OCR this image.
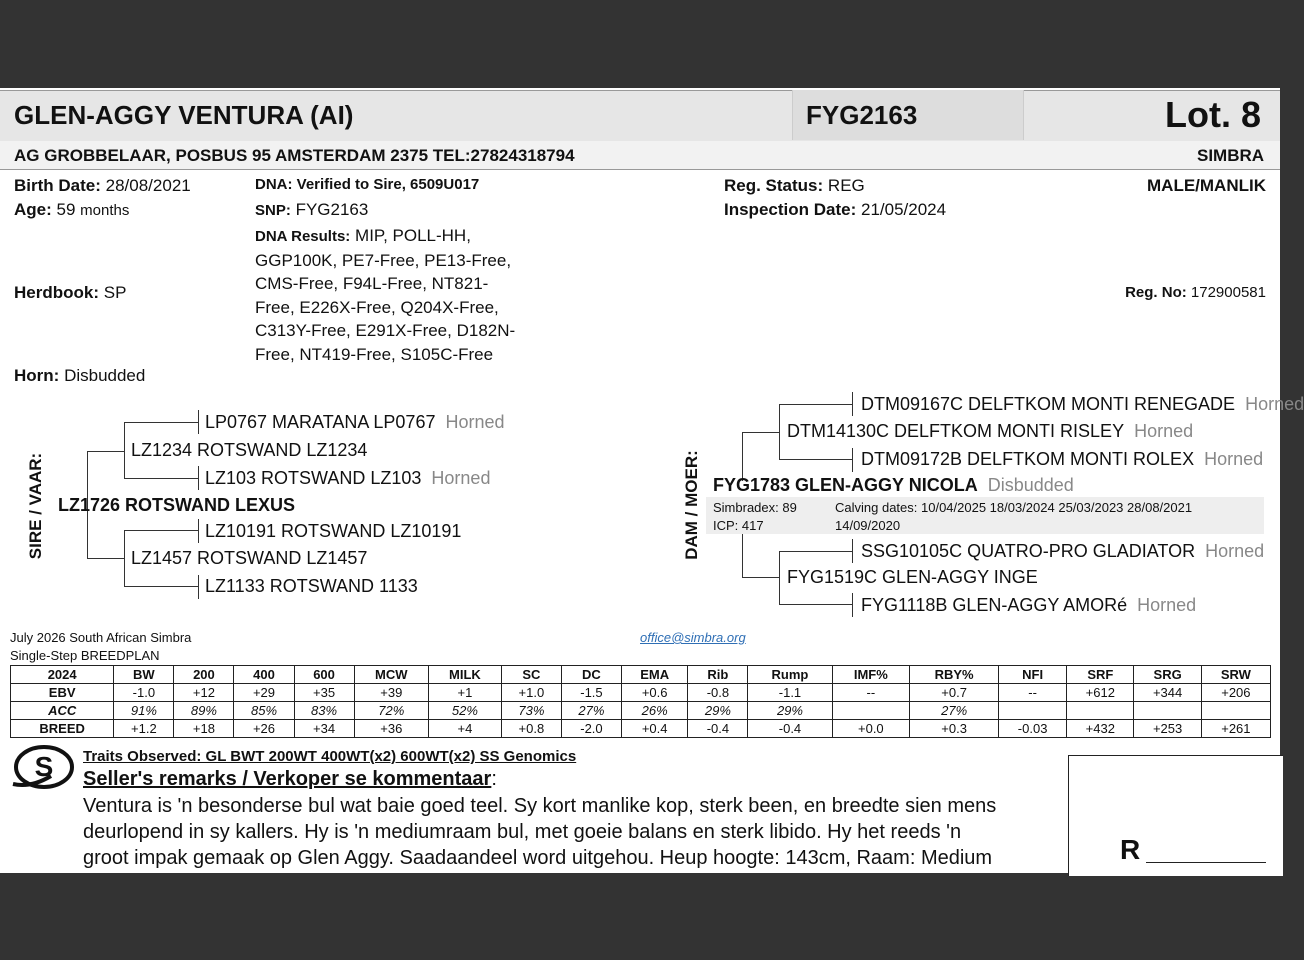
GLEN-AGGY VENTURA (AI)	FYG2163	Lot. 8
AG GROBBELAAR, POSBUS 95 AMSTERDAM 2375 TEL:27824318794	SIMBRA
Birth Date: 28/08/2021
Age: 59 months
Herdbook: SP
Horn: Disbudded
DNA: Verified to Sire, 6509U017
SNP: FYG2163
DNA Results: MIP, POLL-HH,
GGP100K, PE7-Free, PE13-Free,
CMS-Free, F94L-Free, NT821-
Free, E226X-Free, Q204X-Free,
C313Y-Free, E291X-Free, D182N-
Free, NT419-Free, S105C-Free
Reg. Status: REG
Inspection Date: 21/05/2024
MALE/MANLIK
Reg. No: 172900581
SIRE / VAAR:
LP0767 MARATANA LP0767 Horned
LZ1234 ROTSWAND LZ1234
LZ103 ROTSWAND LZ103 Horned
LZ1726 ROTSWAND LEXUS
LZ10191 ROTSWAND LZ10191
LZ1457 ROTSWAND LZ1457
LZ1133 ROTSWAND 1133
DAM / MOER:
DTM09167C DELFTKOM MONTI RENEGADE Horned
DTM14130C DELFTKOM MONTI RISLEY Horned
DTM09172B DELFTKOM MONTI ROLEX Horned
FYG1783 GLEN-AGGY NICOLA Disbudded
Simbradex: 89
ICP: 417
Calving dates: 10/04/2025 18/03/2024 25/03/2023 28/08/2021
14/09/2020
SSG10105C QUATRO-PRO GLADIATOR Horned
FYG1519C GLEN-AGGY INGE
FYG1118B GLEN-AGGY AMORé Horned
July 2026 South African Simbra
Single-Step BREEDPLAN
office@simbra.org
2024	BW	200	400	600	MCW	MILK	SC	DC	EMA	Rib	Rump	IMF%	RBY%	NFI	SRF	SRG	SRW
EBV	-1.0	+12	+29	+35	+39	+1	+1.0	-1.5	+0.6	-0.8	-1.1	--	+0.7	--	+612	+344	+206
ACC	91%	89%	85%	83%	72%	52%	73%	27%	26%	29%	29%		27%				
BREED	+1.2	+18	+26	+34	+36	+4	+0.8	-2.0	+0.4	-0.4	-0.4	+0.0	+0.3	-0.03	+432	+253	+261
S Traits Observed: GL BWT 200WT 400WT(x2) 600WT(x2) SS Genomics
Seller's remarks / Verkoper se kommentaar:
Ventura is 'n besonderse bul wat baie goed teel. Sy kort manlike kop, sterk been, en breedte sien mens
deurlopend in sy kallers. Hy is 'n mediumraam bul, met goeie balans en sterk libido. Hy het reeds 'n
groot impak gemaak op Glen Aggy. Saadaandeel word uitgehou. Heup hoogte: 143cm, Raam: Medium	R
